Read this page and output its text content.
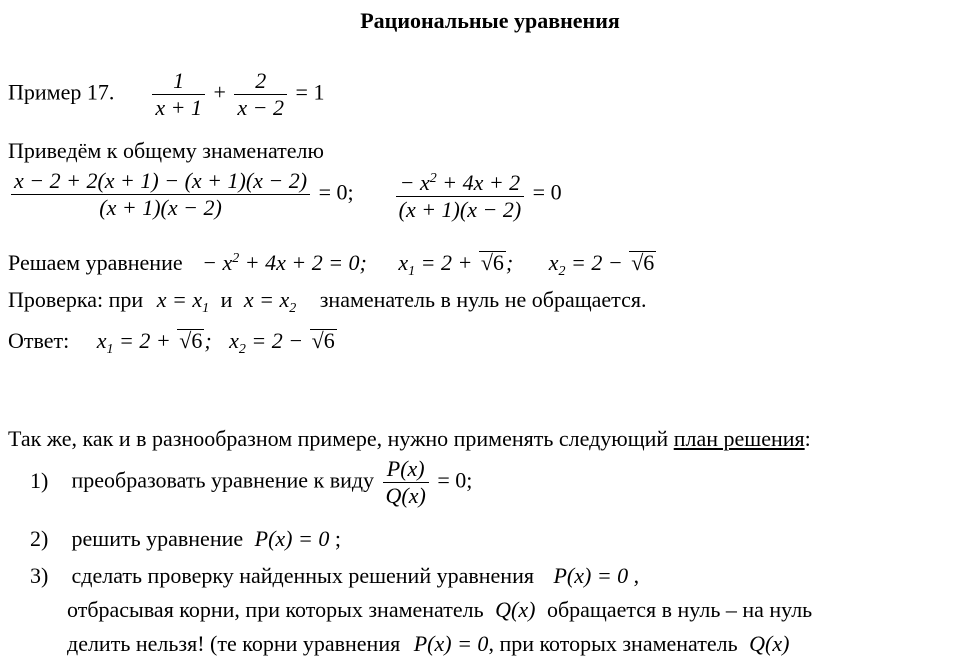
Рациональные уравнения
Пример 17. $\frac{1}{x + 1} + \frac{2}{x - 2} = 1$
Приведём к общему знаменателю
$\frac{x - 2 + 2(x + 1) - (x + 1)(x - 2)}{(x + 1)(x - 2)} = 0$; $\frac{- x^2 + 4x + 2}{(x + 1)(x - 2)} = 0$
Решаем уравнение − $x^2 + 4x + 2 = 0$; $x_1 = 2 + √6$; $x_2 = 2 - √6$
Проверка: при $x = x_1$ и $x = x_2$ знаменатель в нуль не обращается.
Ответ: $x_1 = 2 + √6$; $x_2 = 2 - √6$
Так же, как и в разнообразном примере, нужно применять следующий план решения:
1) преобразовать уравнение к виду $\frac{P(x)}{Q(x)} = 0$;
2) решить уравнение P(x) = 0 ;
3) сделать проверку найденных решений уравнения P(x) = 0 ,
отбрасывая корни, при которых знаменатель Q(x) обращается в нуль – на нуль
делить нельзя! (те корни уравнения P(x) = 0, при которых знаменатель Q(x)
